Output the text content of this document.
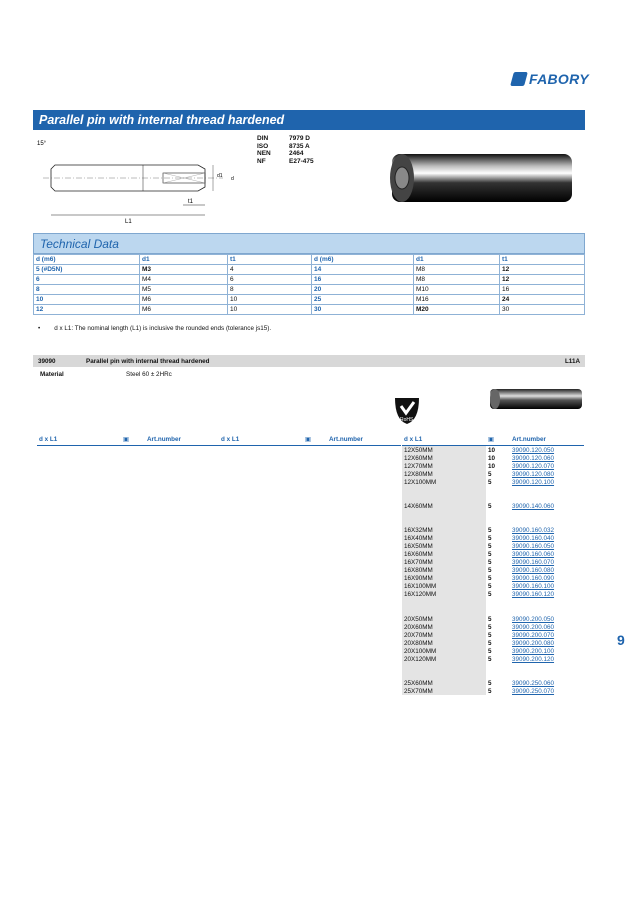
FABORY
Parallel pin with internal thread hardened
15°
d1 d
L1
t1
DIN	7979 D
ISO	8735 A
NEN	2464
NF	E27-475
Technical Data
d (m6)	d1	t1	d (m6)	d1	t1
5 (#D5N)	M3	4	14	M8	12
6	M4	6	16	M8	12
8	M5	8	20	M10	16
10	M6	10	25	M16	24
12	M6	10	30	M20	30
•        d x L1: The nominal length (L1) is inclusive the rounded ends (tolerance js15).
39090	Parallel pin with internal thread hardened	L11A
Material	Steel 60 ± 2HRc
RoHS
d x L1	▣	Art.number	d x L1	▣	Art.number	d x L1	▣	Art.number
12X50MM	10	39090.120.050
12X60MM	10	39090.120.060
12X70MM	10	39090.120.070
12X80MM	5	39090.120.080
12X100MM	5	39090.120.100
14X60MM	5	39090.140.060
16X32MM	5	39090.160.032
16X40MM	5	39090.160.040
16X50MM	5	39090.160.050
16X60MM	5	39090.160.060
16X70MM	5	39090.160.070
16X80MM	5	39090.160.080
16X90MM	5	39090.160.090
16X100MM	5	39090.160.100
16X120MM	5	39090.160.120
20X50MM	5	39090.200.050
20X60MM	5	39090.200.060
20X70MM	5	39090.200.070
20X80MM	5	39090.200.080
20X100MM	5	39090.200.100
20X120MM	5	39090.200.120
25X60MM	5	39090.250.060
25X70MM	5	39090.250.070
9
